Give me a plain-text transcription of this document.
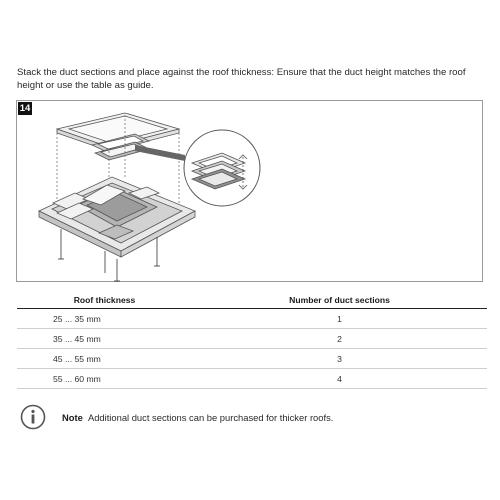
Stack the duct sections and place against the roof thickness: Ensure that the duct height matches the roof height or use the table as guide.
14
Roof thickness	Number of duct sections
25 ... 35 mm	1
35 ... 45 mm	2
45 ... 55 mm	3
55 ... 60 mm	4
Note Additional duct sections can be purchased for thicker roofs.
